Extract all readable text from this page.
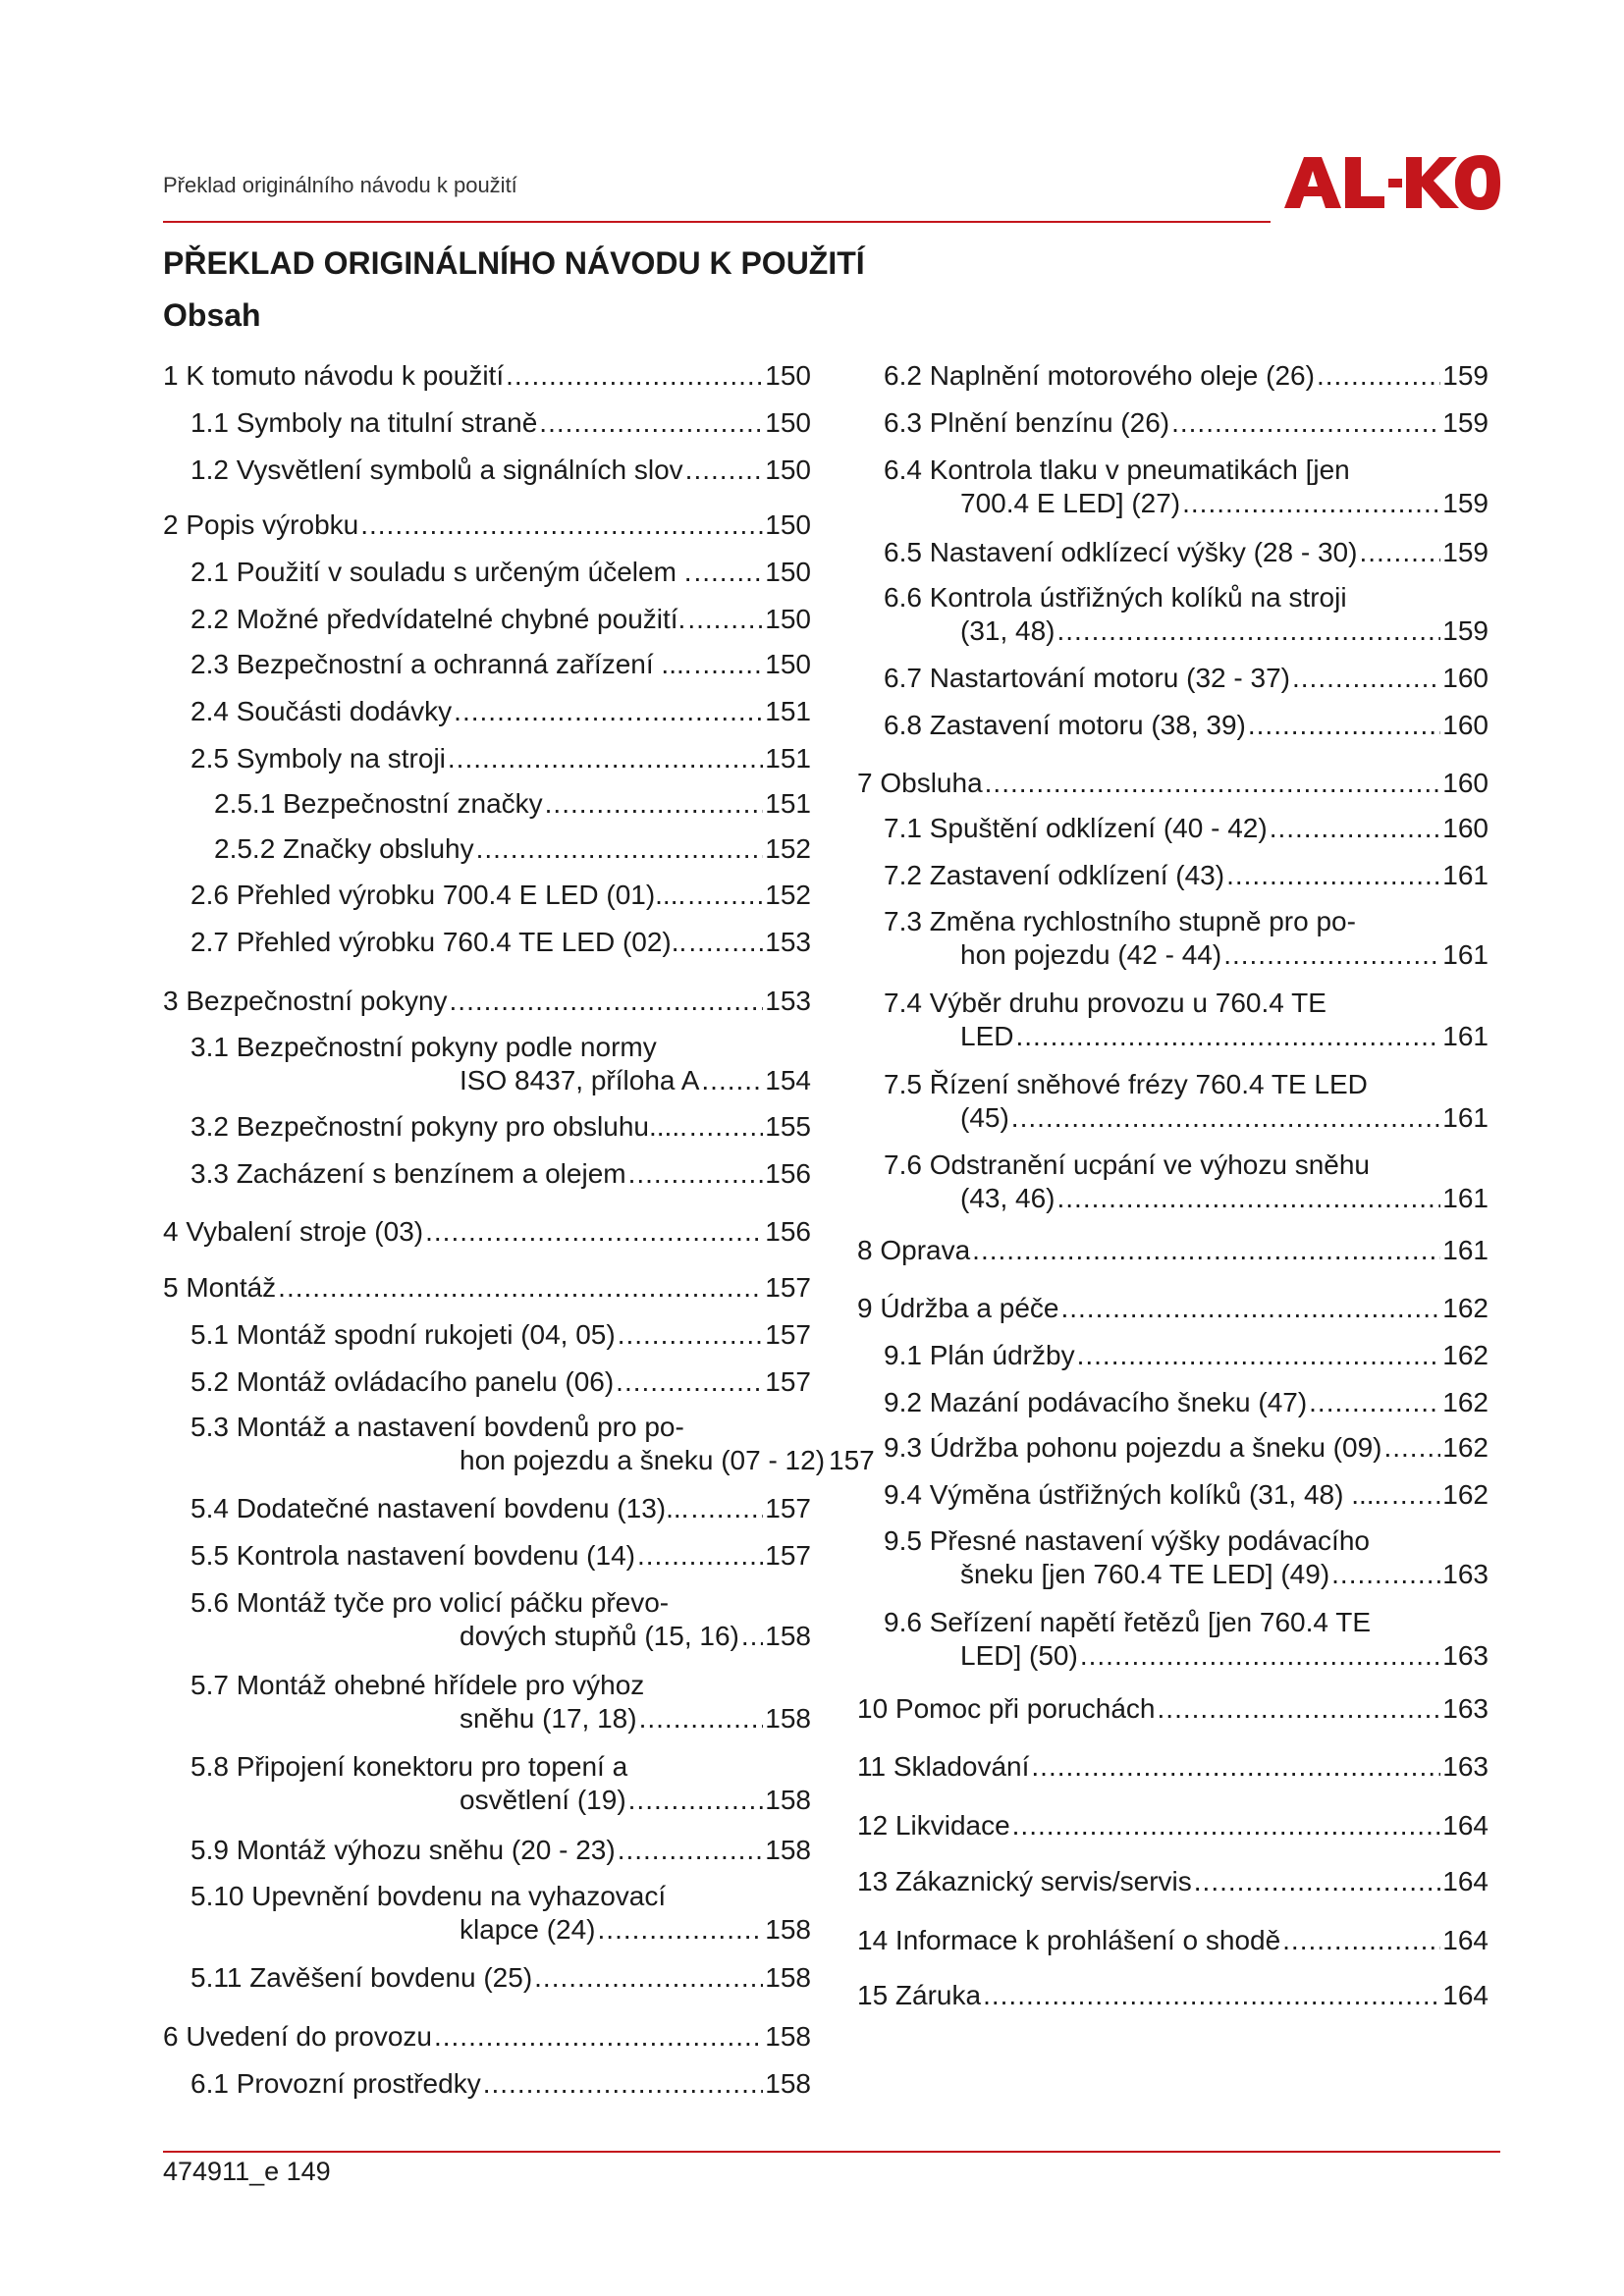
Překlad originálního návodu k použití
PŘEKLAD ORIGINÁLNÍHO NÁVODU K POUŽITÍ
Obsah
1 K tomuto návodu k použití .....	150
1.1 Symboly na titulní straně .....	150
1.2 Vysvětlení symbolů a signálních slov .....	150
2 Popis výrobku .....	150
2.1 Použití v souladu s určeným účelem . .....	150
2.2 Možné předvídatelné chybné použití. .....	150
2.3 Bezpečnostní a ochranná zařízení .... .....	150
2.4 Součásti dodávky .....	151
2.5 Symboly na stroji .....	151
2.5.1 Bezpečnostní značky .....	151
2.5.2 Značky obsluhy .....	152
2.6 Přehled výrobku 700.4 E LED (01).... .....	152
2.7 Přehled výrobku 760.4 TE LED (02).. .....	153
3 Bezpečnostní pokyny .....	153
3.1 Bezpečnostní pokyny podle normy
ISO 8437, příloha A ..... 154
3.2 Bezpečnostní pokyny pro obsluhu..... .....	155
3.3 Zacházení s benzínem a olejem .....	156
4 Vybalení stroje (03) .....	156
5 Montáž .....	157
5.1 Montáž spodní rukojeti (04, 05) .....	157
5.2 Montáž ovládacího panelu (06) .....	157
5.3 Montáž a nastavení bovdenů pro po-
hon pojezdu a šneku (07 - 12) 157
5.4 Dodatečné nastavení bovdenu (13)... .....	157
5.5 Kontrola nastavení bovdenu (14) .....	157
5.6 Montáž tyče pro volicí páčku převo-
dových stupňů (15, 16) ..... 158
5.7 Montáž ohebné hřídele pro výhoz
sněhu (17, 18) .....	158
5.8 Připojení konektoru pro topení a
osvětlení (19) .....	158
5.9 Montáž výhozu sněhu (20 - 23) .....	158
5.10 Upevnění bovdenu na vyhazovací
klapce (24) .....	158
5.11 Zavěšení bovdenu (25) .....	158
6 Uvedení do provozu .....	158
6.1 Provozní prostředky .....	158
6.2 Naplnění motorového oleje (26) .....	159
6.3 Plnění benzínu (26) .....	159
6.4 Kontrola tlaku v pneumatikách [jen
700.4 E LED] (27) .....	159
6.5 Nastavení odklízecí výšky (28 - 30) .....	159
6.6 Kontrola ústřižných kolíků na stroji
(31, 48) .....	159
6.7 Nastartování motoru (32 - 37) .....	160
6.8 Zastavení motoru (38, 39) .....	160
7 Obsluha .....	160
7.1 Spuštění odklízení (40 - 42) .....	160
7.2 Zastavení odklízení (43) .....	161
7.3 Změna rychlostního stupně pro po-
hon pojezdu (42 - 44) .....	161
7.4 Výběr druhu provozu u 760.4 TE
LED .....	161
7.5 Řízení sněhové frézy 760.4 TE LED
(45) .....	161
7.6 Odstranění ucpání ve výhozu sněhu
(43, 46) .....	161
8 Oprava .....	161
9 Údržba a péče .....	162
9.1 Plán údržby .....	162
9.2 Mazání podávacího šneku (47) .....	162
9.3 Údržba pohonu pojezdu a šneku (09) ..... 162
9.4 Výměna ústřižných kolíků (31, 48) ..... ..... 162
9.5 Přesné nastavení výšky podávacího
šneku [jen 760.4 TE LED] (49) .....	163
9.6 Seřízení napětí řetězů [jen 760.4 TE
LED] (50) .....	163
10 Pomoc při poruchách .....	163
11 Skladování .....	163
12 Likvidace .....	164
13 Zákaznický servis/servis .....	164
14 Informace k prohlášení o shodě .....	164
15 Záruka .....	164
474911_e 149
